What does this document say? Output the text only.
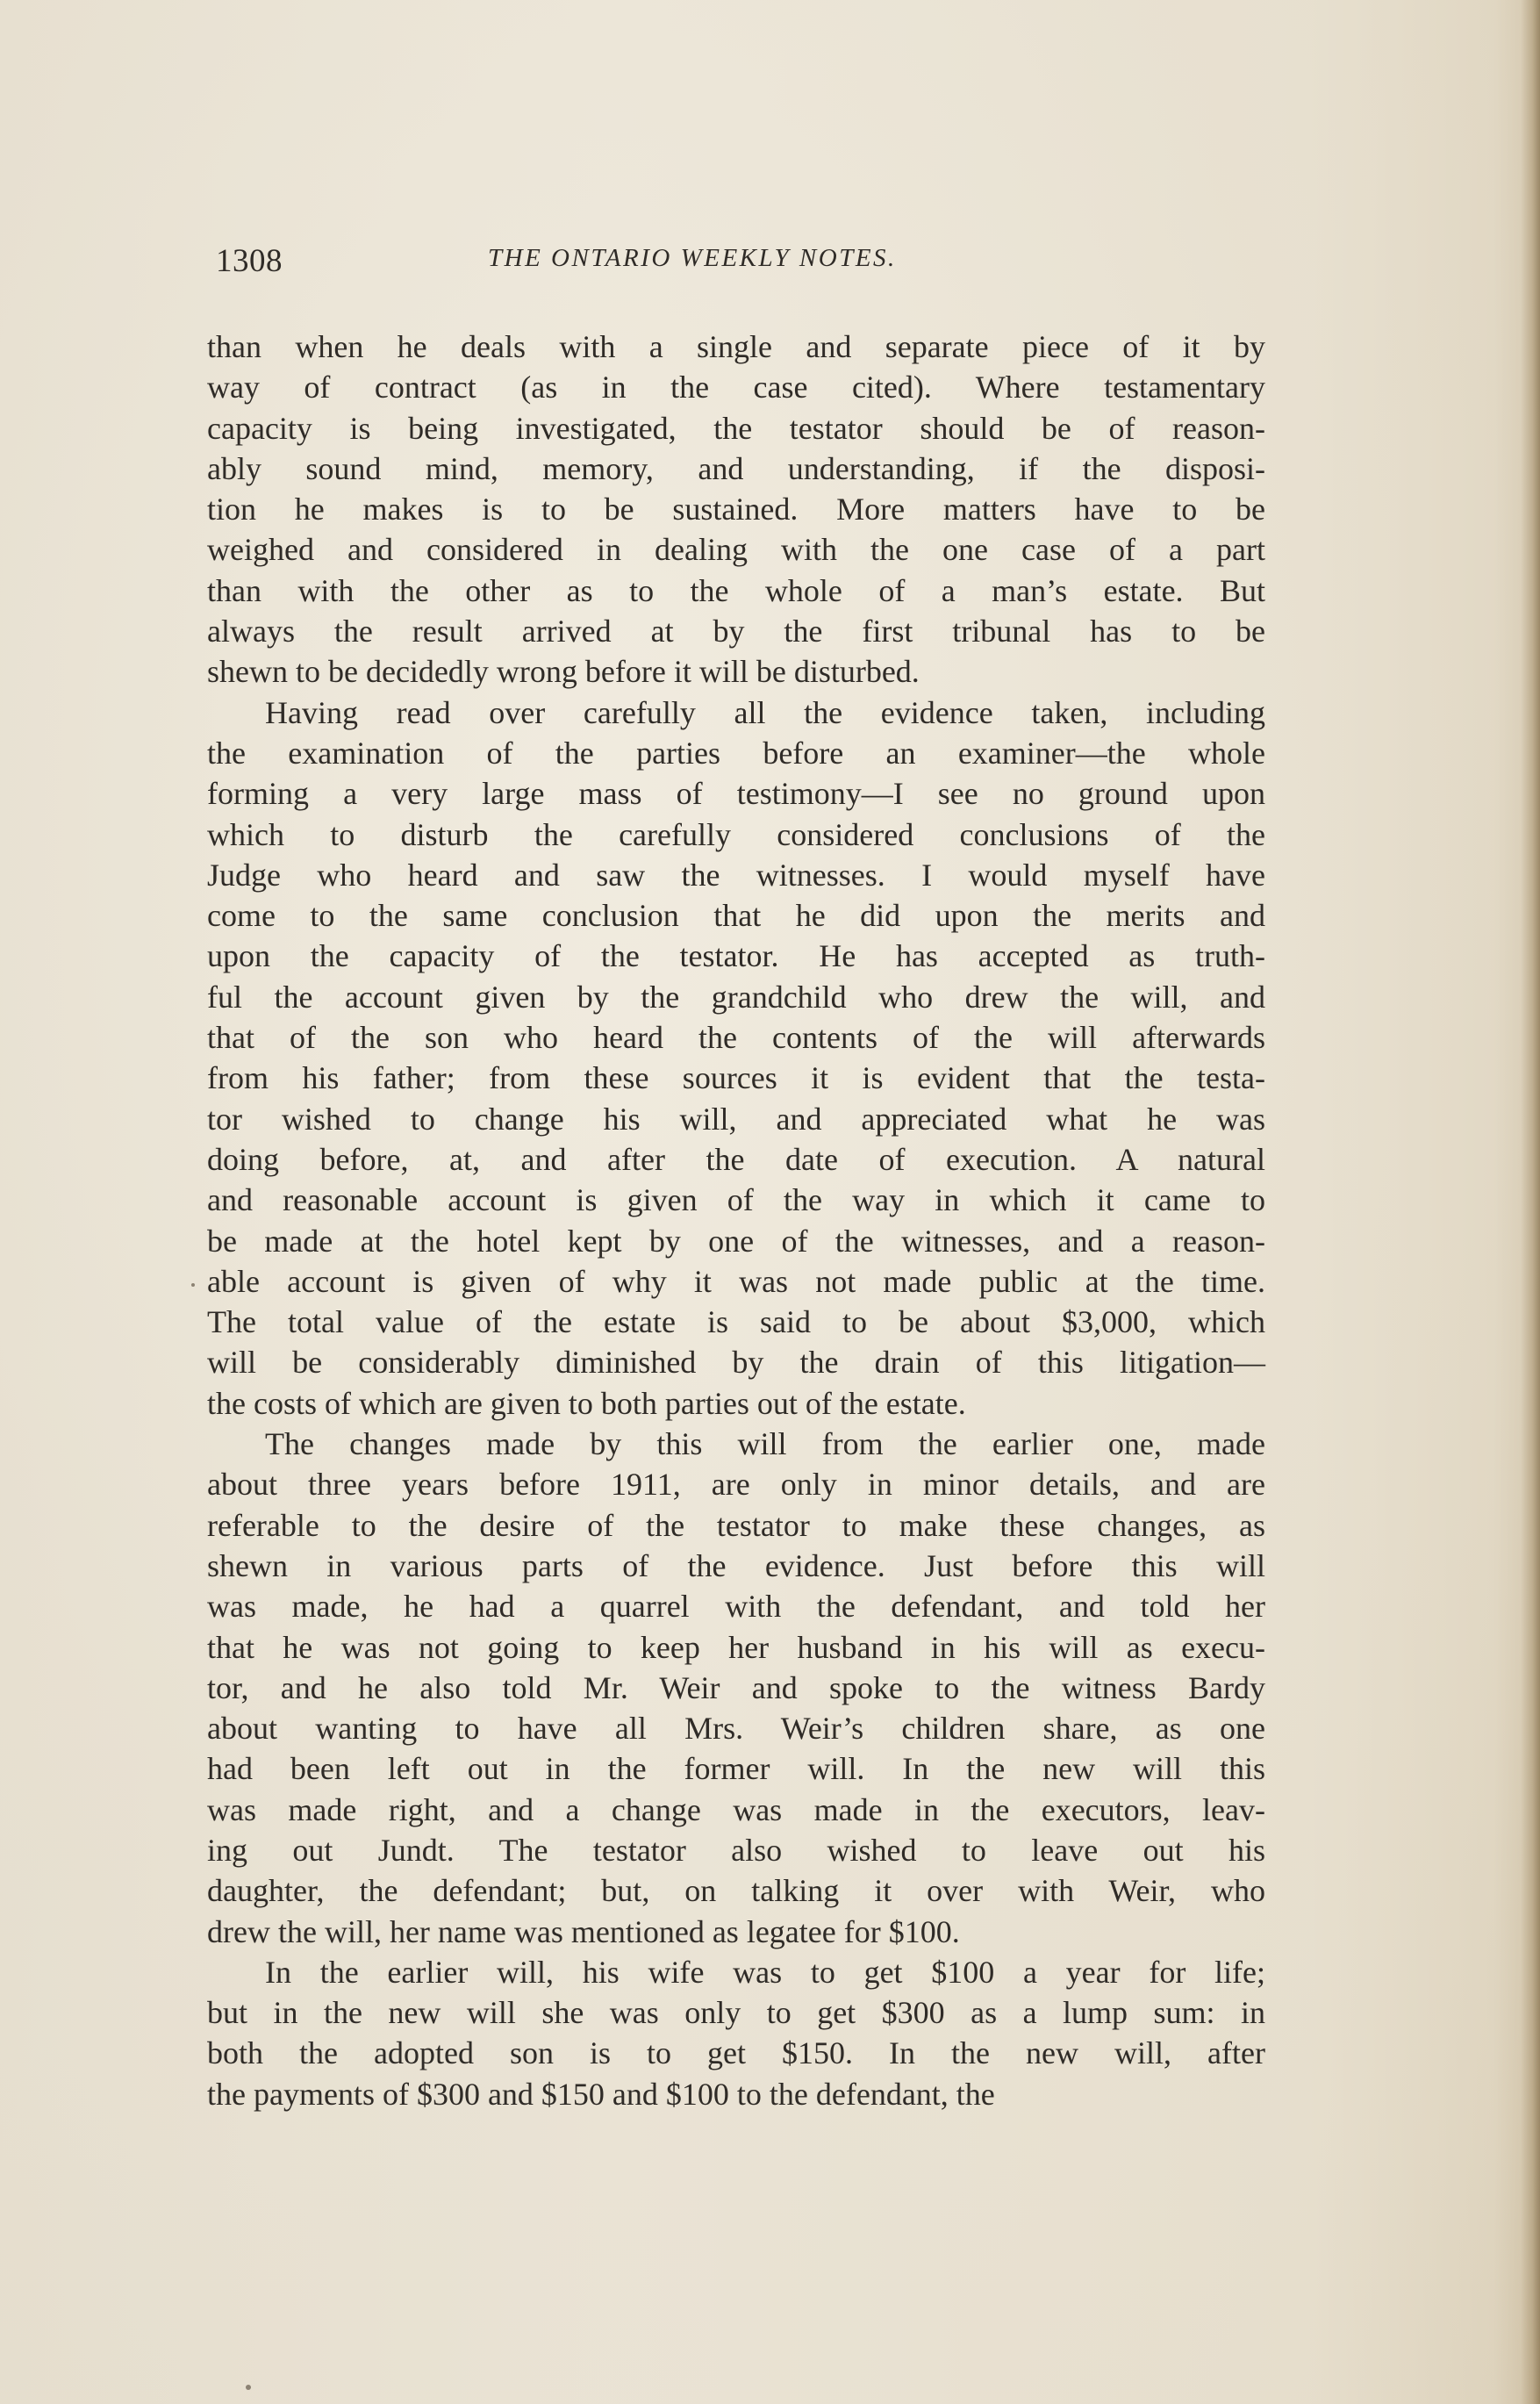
1308	THE ONTARIO WEEKLY NOTES.
than when he deals with a single and separate piece of it by
way of contract (as in the case cited). Where testamentary
capacity is being investigated, the testator should be of reason-
ably sound mind, memory, and understanding, if the disposi-
tion he makes is to be sustained. More matters have to be
weighed and considered in dealing with the one case of a part
than with the other as to the whole of a man’s estate. But
always the result arrived at by the first tribunal has to be
shewn to be decidedly wrong before it will be disturbed.
Having read over carefully all the evidence taken, including
the examination of the parties before an examiner—the whole
forming a very large mass of testimony—I see no ground upon
which to disturb the carefully considered conclusions of the
Judge who heard and saw the witnesses. I would myself have
come to the same conclusion that he did upon the merits and
upon the capacity of the testator. He has accepted as truth-
ful the account given by the grandchild who drew the will, and
that of the son who heard the contents of the will afterwards
from his father; from these sources it is evident that the testa-
tor wished to change his will, and appreciated what he was
doing before, at, and after the date of execution. A natural
and reasonable account is given of the way in which it came to
be made at the hotel kept by one of the witnesses, and a reason-
able account is given of why it was not made public at the time.
The total value of the estate is said to be about $3,000, which
will be considerably diminished by the drain of this litigation—
the costs of which are given to both parties out of the estate.
The changes made by this will from the earlier one, made
about three years before 1911, are only in minor details, and are
referable to the desire of the testator to make these changes, as
shewn in various parts of the evidence. Just before this will
was made, he had a quarrel with the defendant, and told her
that he was not going to keep her husband in his will as execu-
tor, and he also told Mr. Weir and spoke to the witness Bardy
about wanting to have all Mrs. Weir’s children share, as one
had been left out in the former will. In the new will this
was made right, and a change was made in the executors, leav-
ing out Jundt. The testator also wished to leave out his
daughter, the defendant; but, on talking it over with Weir, who
drew the will, her name was mentioned as legatee for $100.
In the earlier will, his wife was to get $100 a year for life;
but in the new will she was only to get $300 as a lump sum: in
both the adopted son is to get $150. In the new will, after
the payments of $300 and $150 and $100 to the defendant, the
